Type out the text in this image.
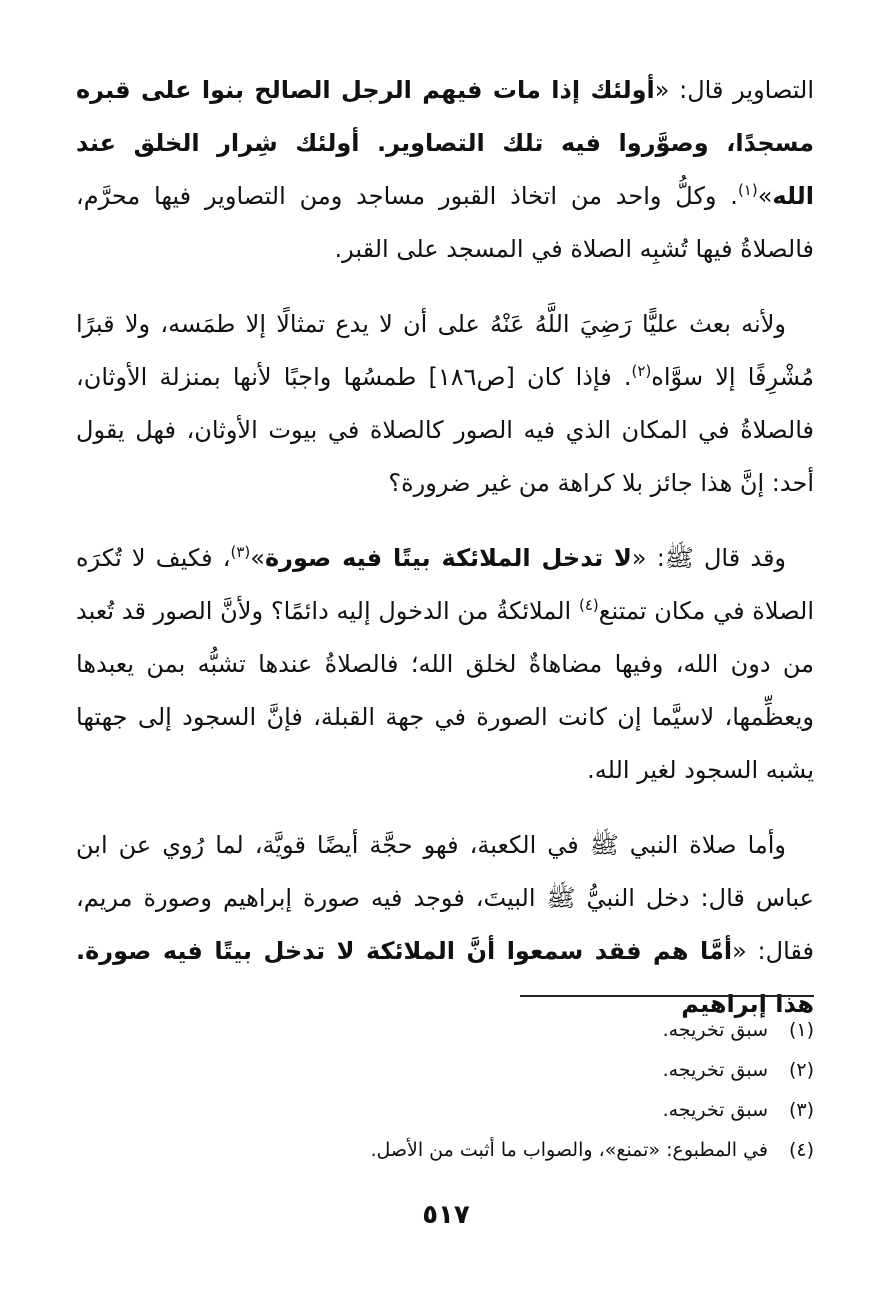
التصاوير قال: «أولئك إذا مات فيهم الرجل الصالح بنوا على قبره مسجدًا، وصوَّروا فيه تلك التصاوير. أولئك شِرار الخلق عند الله»$^{(١)}$. وكلُّ واحد من اتخاذ القبور مساجد ومن التصاوير فيها محرَّم، فالصلاةُ فيها تُشبِه الصلاة في المسجد على القبر.

ولأنه بعث عليًّا رَضِيَ اللَّهُ عَنْهُ على أن لا يدع تمثالًا إلا طمَسه، ولا قبرًا مُشْرِفًا إلا سوَّاه$^{(٢)}$. فإذا كان [ص١٨٦] طمسُها واجبًا لأنها بمنزلة الأوثان، فالصلاةُ في المكان الذي فيه الصور كالصلاة في بيوت الأوثان، فهل يقول أحد: إنَّ هذا جائز بلا كراهة من غير ضرورة؟

وقد قال ﷺ: «لا تدخل الملائكة بيتًا فيه صورة»$^{(٣)}$، فكيف لا تُكرَه الصلاة في مكان تمتنع$^{(٤)}$ الملائكةُ من الدخول إليه دائمًا؟ ولأنَّ الصور قد تُعبد من دون الله، وفيها مضاهاةٌ لخلق الله؛ فالصلاةُ عندها تشبُّه بمن يعبدها ويعظِّمها، لاسيَّما إن كانت الصورة في جهة القبلة، فإنَّ السجود إلى جهتها يشبه السجود لغير الله.

وأما صلاة النبي ﷺ في الكعبة، فهو حجَّة أيضًا قويَّة، لما رُوي عن ابن عباس قال: دخل النبيُّ ﷺ البيتَ، فوجد فيه صورة إبراهيم وصورة مريم، فقال: «أمَّا هم فقد سمعوا أنَّ الملائكة لا تدخل بيتًا فيه صورة. هذا إبراهيم

(١)
سبق تخريجه.
(٢)
سبق تخريجه.
(٣)
سبق تخريجه.
(٤)
في المطبوع: «تمنع»، والصواب ما أثبت من الأصل.
٥١٧
